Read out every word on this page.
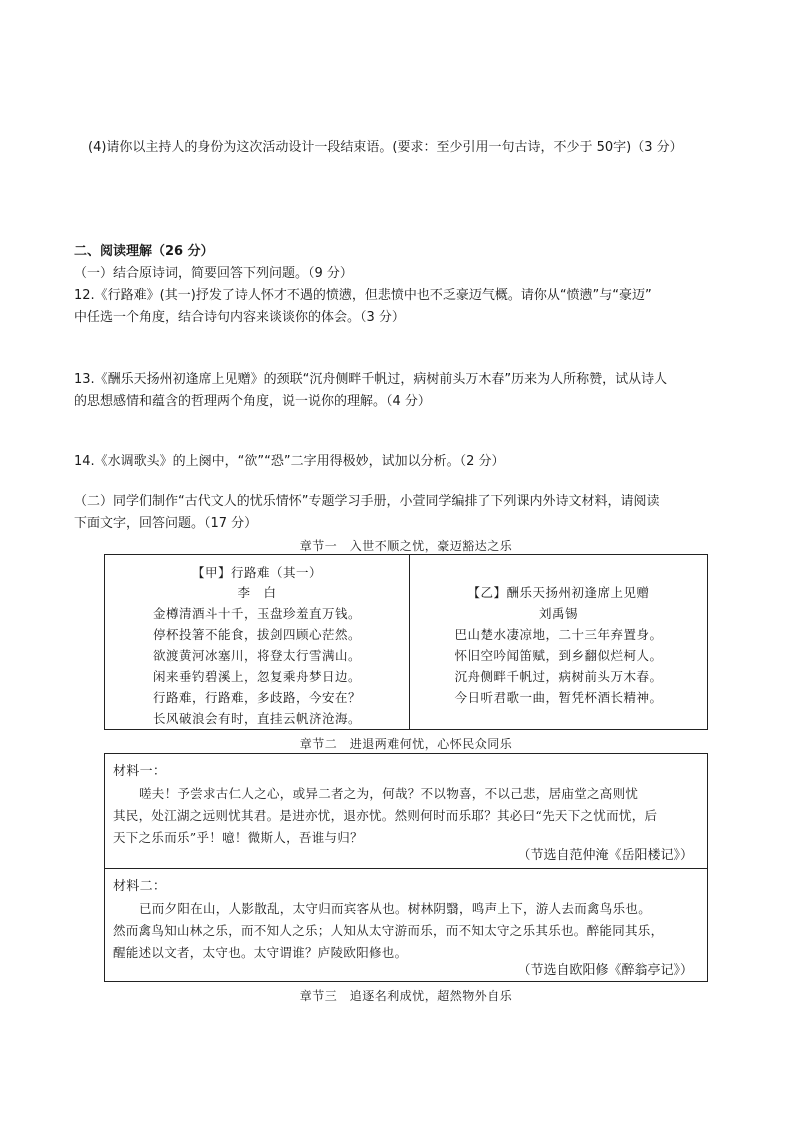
(4)请你以主持人的身份为这次活动设计一段结束语。(要求：至少引用一句古诗，不少于 50字)（3 分）
二、阅读理解（26 分）
（一）结合原诗词，简要回答下列问题。（9 分）
12.《行路难》(其一)抒发了诗人怀才不遇的愤懑，但悲愤中也不乏豪迈气概。请你从“愤懑”与“豪迈”
中任选一个角度，结合诗句内容来谈谈你的体会。（3 分）
13.《酬乐天扬州初逢席上见赠》的颈联“沉舟侧畔千帆过，病树前头万木春”历来为人所称赞，试从诗人
的思想感情和蕴含的哲理两个角度，说一说你的理解。（4 分）
14.《水调歌头》的上阕中，“欲”“恐”二字用得极妙，试加以分析。（2 分）
（二）同学们制作“古代文人的忧乐情怀”专题学习手册，小萱同学编排了下列课内外诗文材料，请阅读
下面文字，回答问题。（17 分）
章节一　入世不顺之忧，豪迈豁达之乐
【甲】行路难（其一）
李　白
金樽清酒斗十千，玉盘珍羞直万钱。
停杯投箸不能食，拔剑四顾心茫然。
欲渡黄河冰塞川，将登太行雪满山。
闲来垂钓碧溪上，忽复乘舟梦日边。
行路难，行路难，多歧路，今安在？
长风破浪会有时，直挂云帆济沧海。
【乙】酬乐天扬州初逢席上见赠
刘禹锡
巴山楚水凄凉地，二十三年弃置身。
怀旧空吟闻笛赋，到乡翻似烂柯人。
沉舟侧畔千帆过，病树前头万木春。
今日听君歌一曲，暂凭杯酒长精神。
章节二　进退两难何忧，心怀民众同乐
材料一：
嗟夫！予尝求古仁人之心，或异二者之为，何哉？不以物喜，不以己悲，居庙堂之高则忧
其民，处江湖之远则忧其君。是进亦忧，退亦忧。然则何时而乐耶？其必曰“先天下之忧而忧，后
天下之乐而乐”乎！噫！微斯人，吾谁与归？
（节选自范仲淹《岳阳楼记》）
材料二：
已而夕阳在山，人影散乱，太守归而宾客从也。树林阴翳，鸣声上下，游人去而禽鸟乐也。
然而禽鸟知山林之乐，而不知人之乐；人知从太守游而乐，而不知太守之乐其乐也。醉能同其乐，
醒能述以文者，太守也。太守谓谁？庐陵欧阳修也。
（节选自欧阳修《醉翁亭记》）
章节三　追逐名利成忧，超然物外自乐
